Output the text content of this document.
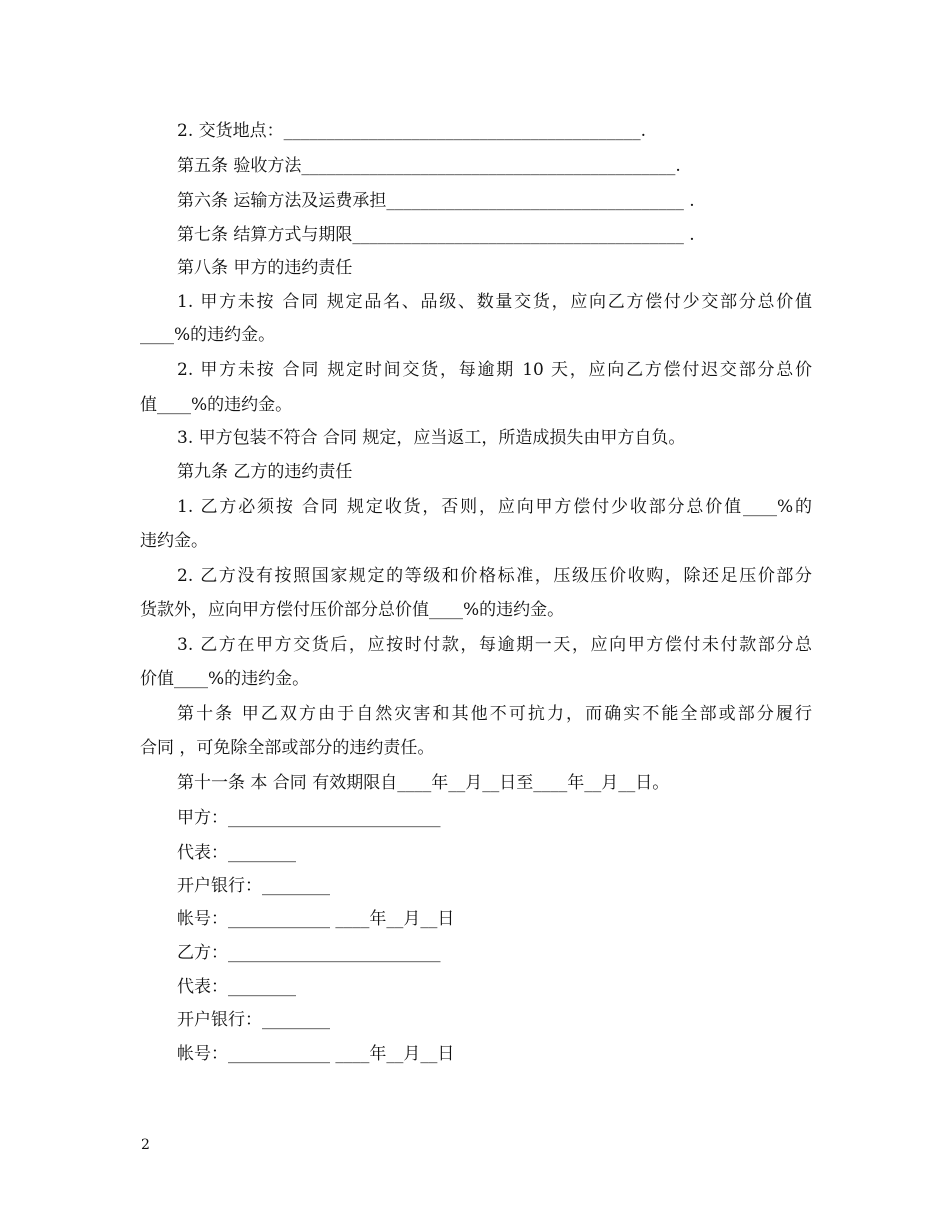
2. 交货地点：__________________________________________.
第五条 验收方法____________________________________________.
第六条 运输方法及运费承担___________________________________ .
第七条 结算方式与期限_______________________________________ .
第八条 甲方的违约责任
1. 甲方未按 合同 规定品名、品级、数量交货，应向乙方偿付少交部分总价值
____%的违约金。
2. 甲方未按 合同 规定时间交货，每逾期 10 天，应向乙方偿付迟交部分总价
值____%的违约金。
3. 甲方包装不符合 合同 规定，应当返工，所造成损失由甲方自负。
第九条 乙方的违约责任
1. 乙方必须按 合同 规定收货，否则，应向甲方偿付少收部分总价值____%的
违约金。
2. 乙方没有按照国家规定的等级和价格标准，压级压价收购，除还足压价部分
货款外，应向甲方偿付压价部分总价值____%的违约金。
3. 乙方在甲方交货后，应按时付款，每逾期一天，应向甲方偿付未付款部分总
价值____%的违约金。
第十条 甲乙双方由于自然灾害和其他不可抗力，而确实不能全部或部分履行
合同 ，可免除全部或部分的违约责任。
第十一条 本 合同 有效期限自____年__月__日至____年__月__日。
甲方：_________________________
代表：________
开户银行：________
帐号：____________ ____年__月__日
乙方：_________________________
代表：________
开户银行：________
帐号：____________ ____年__月__日
2
